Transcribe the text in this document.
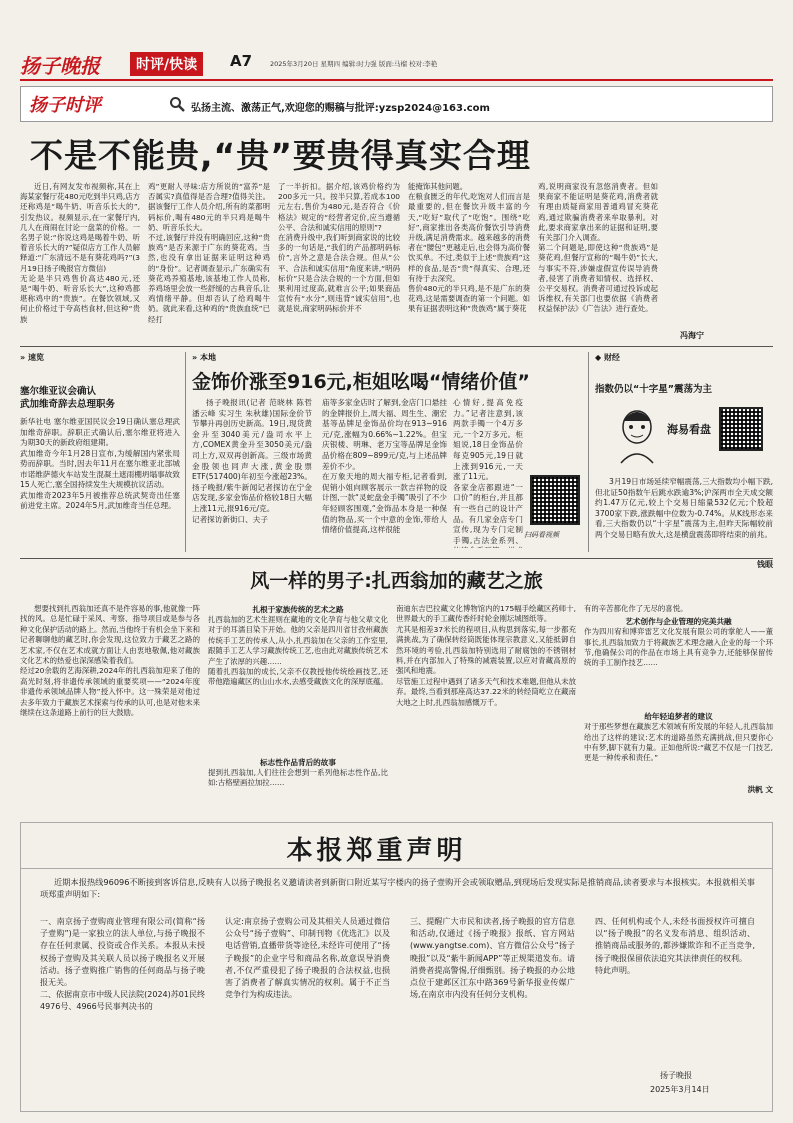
扬子晚报	时评/快读	A7	2025年3月20日 星期四 编辑:时力强 版面:马榴 校对:李艳
扬子时评	弘扬主流、激荡正气,欢迎您的赐稿与批评:yzsp2024@163.com
不是不能贵,“贵”要贵得真实合理

近日,有网友发布视频称,其在上海某家餐厅花480元吃到半只鸡,店方还称鸡是“喝牛奶、听音乐长大的”,引发热议。视频显示,在一家餐厅内,几人在商闹在讨论一盘菜的价格。一名男子说:“你说这鸡是喝着牛奶、听着音乐长大的?”疑似店方工作人员解释道:“广东清远不是有葵花鸡吗?”(3月19日扬子晚报官方微信)
无论是半只鸡售价高达480元,还是“喝牛奶、听音乐长大”,这种鸡都堪称鸡中的“贵族”。在餐饮领域,又何止价格过于夸高档食材,但这种“贵族

鸡”更耐人寻味:店方所说的“富养”是否属实?真值得是否合理?值得关注。据该餐厅工作人员介绍,所有的菜都明码标价,喝有480元的半只鸡是喝牛奶、听音乐长大。
不过,该餐厅并没有明确回应,这种“贵族鸡”是否来源于广东的葵花鸡。当然,也没有拿出证据来证明这种鸡的“身份”。记者调查显示,广东确实有葵花鸡养殖基地,该基地工作人员称,养鸡场里会放一些舒缓的古典音乐,让鸡情绪平静。但却否认了给鸡喝牛奶。就此来看,这种鸡的“贵族血统”已经打

了一半折扣。据介绍,该鸡价格约为200多元一只。按半只算,若成本100元左右,售价为480元,是否符合《价格法》规定的“经营者定价,应当遵循公平、合法和诚实信用的原则”?
在消费升级中,我们听到商家说的比较多的一句话是,“我们的产品都明码标价”,言外之意是合法合规。但从“公平、合法和诚实信用”角度来讲,“明码标价”只是合法合规的一个方面,但如果利用过度高,就难言公平;如果商品宣传有“水分”,则违背“诚实信用”,也就是说,商家明码标价并不

能掩饰其他问题。
在粮食匮乏的年代,吃饱对人们而言是最重要的,但在餐饮升级丰富的今天,“吃好”取代了“吃饱”。围绕“吃好”,商家推出各类高价餐饮引导消费升级,满足消费需求。越来越多的消费者在“腰包”更越走后,也会得为高价餐饮买单。不过,类似于上述“贵族鸡”这样的食品,是否“贵”得真实、合理,还有待于去深究。
售价480元的半只鸡,是不是广东的葵花鸡,这是需要调查的第一个问题。如果有证据表明这种“贵族鸡”属于葵花

鸡,说明商家没有忽悠消费者。但如果商家不能证明是葵花鸡,消费者就有理由质疑商家用普通鸡冒充葵花鸡,通过欺骗消费者来牟取暴利。对此,要求商家拿出来的证据和证明,要有关部门介入调查。
第二个问题是,即使这种“贵族鸡”是葵花鸡,但餐厅宣称的“喝牛奶”长大,与事实不符,涉嫌虚假宣传误导消费者,侵害了消费者知情权、选择权、公平交易权。消费者可通过投诉或起诉维权,有关部门也要依据《消费者权益保护法》《广告法》进行查处。

冯海宁
» 速览
塞尔维亚议会确认
武加维奇辞去总理职务
新华社电 塞尔维亚国民议会19日确认塞总理武加维奇辞职。辞职正式确认后,塞尔维亚将进入为期30天的新政府组建期。
武加维奇今年1月28日宣布,为缓解国内紧张局势而辞职。当时,因去年11月在塞尔维亚北部城市诺维萨德火车站发生混凝土遮雨棚坍塌事故致15人死亡,塞全国持续发生大规模抗议活动。
武加维奇2023年5月被推荐总统武契奇出任塞前进党主席。2024年5月,武加维奇当任总理。
» 本地
金饰价涨至916元,柜姐吆喝“情绪价值”

扬子晚报讯(记者 范晓林 陈哲 潘云峰 实习生 朱秋雄)国际金价节节攀升再创历史新高。19日,现货黄金升至3040美元/盎司水平上方,COMEX黄金升至3050美元/盎司上方,双双再创新高。三级市场黄金股领也同声大涨,黄金股票ETF(517400)年初至今涨超23%。扬子晚报/紫牛新闻记者探访在宁金店发现,多家金饰品价格较18日大幅上涨11元,报916元/克。
记者探访新街口、夫子

庙等多家金店时了解到,金店门口悬挂的金牌报价上,周大福、周生生、潮宏基等品牌足金饰品价均在913~916元/克,涨幅为0.66%~1.22%。但宝庆银楼、明琳、老万宝等品牌足金饰品价格在809~899元/克,与上述品牌差价不少。
在万象天地的周大福专柜,记者看到,促销小姐向顾客展示一款吉祥物的设计图,一款“灵蛇盘金手镯”吸引了不少年轻顾客围观,“金饰品本身是一种保值的物品,买一个中意的金饰,带给人情绪价值提高,这样很能

心情好,提高免疫力。”记者注意到,该两款手镯一个4万多元,一个2万多元。柜姐说,18日金饰品价每克905元,19日就上涨到916元,一天涨了11元。
各家金店都跟进“一口价”的柜台,并且都有一些自己的设计产品。有几家金店专门宣传,现为专门定制手镯,古法金系列、

扫码看视频
◆ 财经
指数仍以“十字星”震荡为主
海易看盘

3月19日市场延续窄幅震荡,三大指数均小幅下跌,但北证50指数午后跳水跌逾3%;沪深两市全天成交额约1.47万亿元,较上个交易日缩量532亿元;个股超3700家下跌,涨跌幅中位数为-0.74%。从K线形态来看,三大指数仍以“十字星”震荡为主,但昨天际幅较前两个交易日略有放大,这是横盘震荡即将结束的前兆。

钱眼
风一样的男子:扎西翁加的藏艺之旅

想要找到扎西翁加还真不是件容易的事,他就像一阵找的风。总是忙碌于采风、考察、指导项目或是参与各种文化保护活动的路上。然而,当他终于有机会坐下来和记者聊聊他的藏艺时,你会发现,这位致力于藏艺之路的艺术家,不仅在艺术成就方面让人由衷地敬佩,他对藏族文化艺术的热爱也深深感染着我们。
经过20余载的艺海深耕,2024年的扎西翁加迎来了他的高光时刻,将非遗传承领域的重要奖项——“2024年度非遗传承领域品牌人物”授入怀中。这一殊荣是对他过去多年致力于藏族艺术探索与传承的认可,也是对他未来继续在这条道路上前行的巨大鼓励。

扎根于家族传统的艺术之路
扎西翁加的艺术生涯则在藏地的文化孕育与他父辈文化对于的耳濡目染下开始。他的父亲是四川省甘孜州藏族传统手工艺的传承人,从小,扎西翁加在父亲的工作室里,跟随手工艺人学习藏族传统工艺,也由此对藏族传统艺术产生了浓厚的兴趣……
随着扎西翁加的成长,父亲不仅教授他传统绘画技艺,还带他踏遍藏区的山山水水,去感受藏族文化的深厚底蕴。
标志性作品背后的故事
提到扎西翁加,人们往往会想到一系列他标志性作品,比如:古格壁画拉加拉……

南迪东吉巴拉藏文化博物馆内的175幅手绘藏区药师十,世界最大的手工藏传香纤时轮金刚坛城图纸等。
尤其是相差37米长的程项目,从构思到落实,每一步都充满挑战,为了确保转经筒既能体现宗教意义,又能抵御自然环境的考验,扎西翁加特别选用了耐腐蚀的不锈钢材料,并在内部加入了特殊的减震装置,以应对青藏高原的强风和地震。
尽管施工过程中遇到了诸多天气和技术难题,但他从未放弃。最终,当看到那座高达37.22米的转经筒屹立在藏南大地之上时,扎西翁加感慨万千。

有的辛苦都化作了无尽的喜悦。
艺术创作与企业管理的完美共融
作为四川宥和博弈雷艺文化发展有限公司的掌舵人——董事长,扎西翁加致力于将藏族艺术理念融入企业的每一个环节,他确保公司的作品在市场上具有竞争力,还能够保留传统的手工制作技艺……
给年轻追梦者的建议
对于那些梦想在藏族艺术领域有所发展的年轻人,扎西翁加给出了这样的建议:艺术的道路虽然充满挑战,但只要你心中有梦,脚下就有力量。正如他所说:“藏艺不仅是一门技艺,更是一种传承和责任。”
洪帆 文
本报郑重声明

近期本报热线96096不断接到客诉信息,反映有人以扬子晚报名义邀请读者到新街口附近某写字楼内的扬子壹购开会或领取赠品,到现场后发现实际是推销商品,读者要求与本报核实。本报就相关事项郑重声明如下:

一、南京扬子壹购商业管理有限公司(简称“扬子壹购”)是一家独立的法人单位,与扬子晚报不存在任何隶属、投资或合作关系。本报从未授权扬子壹购及其关联人员以扬子晚报名义开展活动。扬子壹购推广销售的任何商品与扬子晚报无关。
二、依据南京市中级人民法院(2024)苏01民终4976号、4966号民事判决书的
认定:南京扬子壹购公司及其相关人员通过微信公众号“扬子壹购”、印制刊物《优选汇》以及电话营销,直播带货等途径,未经许可使用了“扬子晚报”的企业字号和商品名称,故意误导消费者,不仅严重侵犯了扬子晚报的合法权益,也损害了消费者了解真实情况的权利。属于不正当竞争行为构成违法。
三、提醒广大市民和读者,扬子晚报的官方信息和活动,仅通过《扬子晚报》报纸、官方网站(www.yangtse.com)、官方微信公众号“扬子晚报”以及“紫牛新闻APP”等正规渠道发布。请消费者提高警惕,仔细甄别。扬子晚报的办公地点位于建邺区江东中路369号新华报业传媒广场,在南京市内没有任何分支机构。
四、任何机构或个人,未经书面授权许可擅自以“扬子晚报”的名义发布消息、组织活动、推销商品或服务的,都涉嫌欺诈和不正当竞争,扬子晚报保留依法追究其法律责任的权利。
特此声明。
扬子晚报
2025年3月14日
